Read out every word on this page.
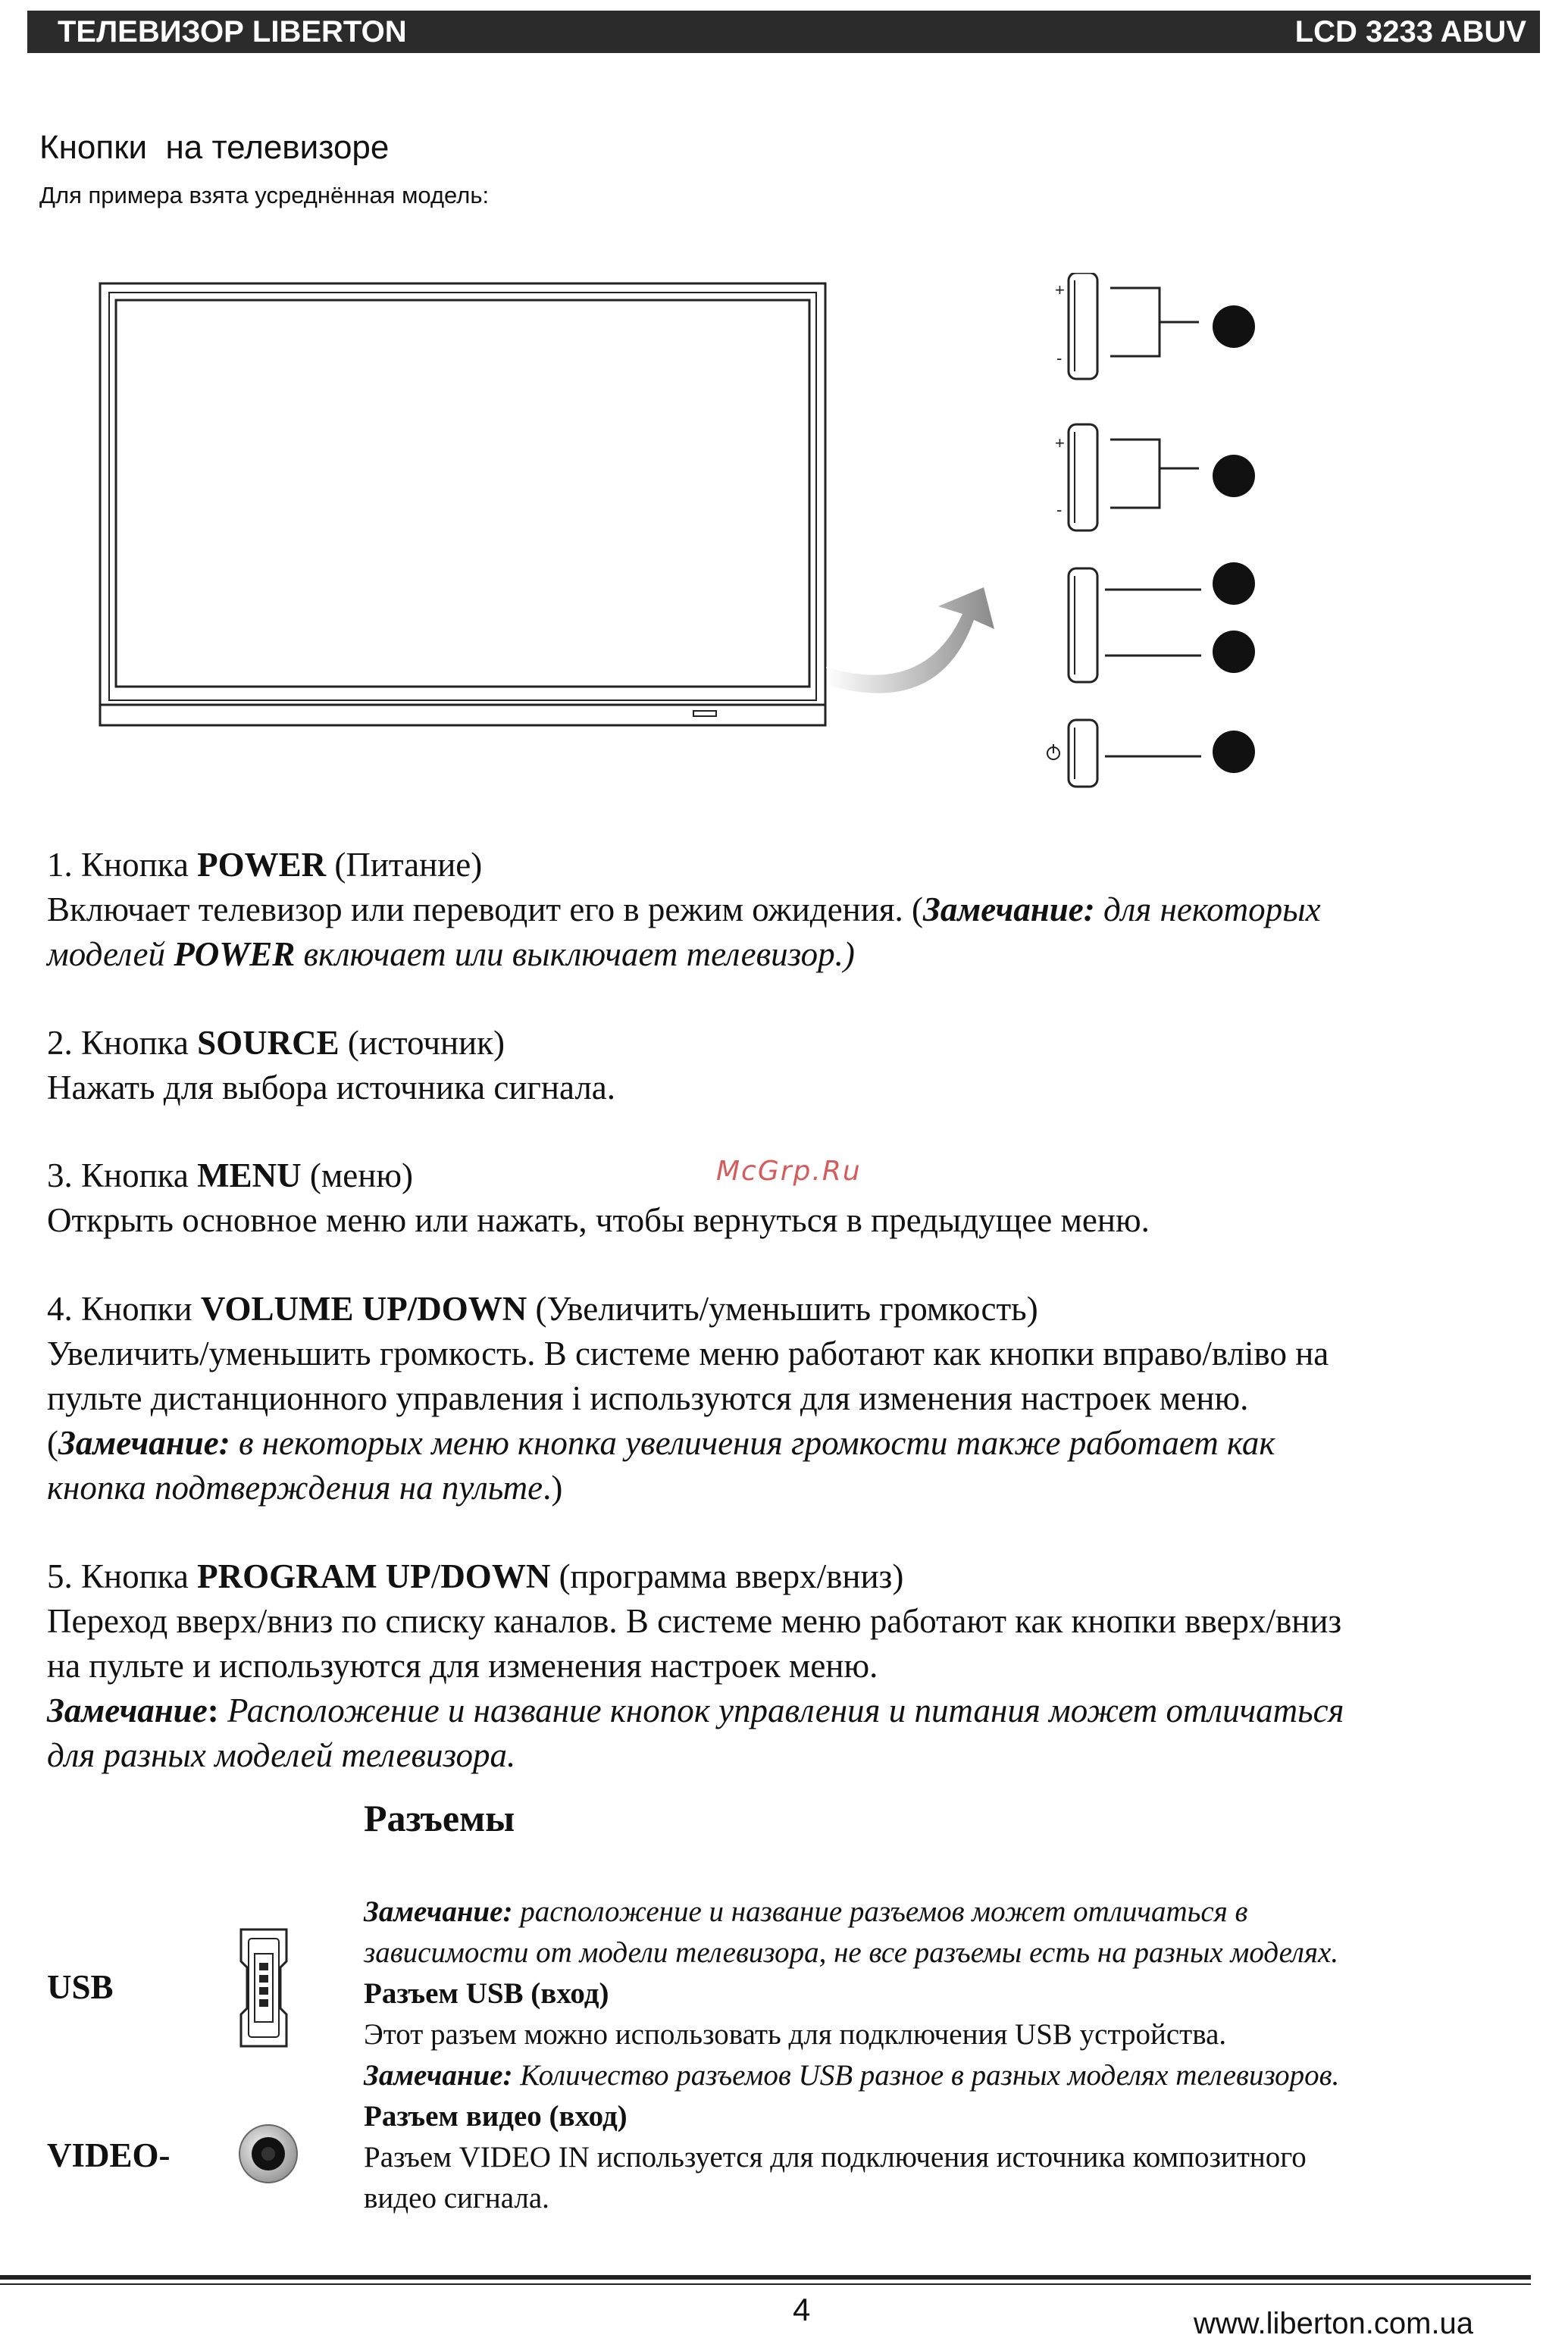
ТЕЛЕВИЗОР LIBERTON	LCD 3233 ABUV
Кнопки  на телевизоре
Для примера взята усреднённая модель:
+
-
+
-

1. Кнопка POWER (Питание)

Включает телевизор или переводит его в режим ожидения. (Замечание: для некоторых

моделей POWER включает или выключает телевизор.)

2. Кнопка SOURCE (источник)

Нажать для выбора источника сигнала.

3. Кнопка MENU (меню)

Открыть основное меню или нажать, чтобы вернуться в предыдущее меню.

4. Кнопки VOLUME UP/DOWN (Увеличить/уменьшить громкость)

Увеличить/уменьшить громкость. В системе меню работают как кнопки вправо/вліво на

пульте дистанционного управления і используются для изменения настроек меню.

(Замечание: в некоторых меню кнопка увеличения громкости также работает как

кнопка подтверждения на пульте.)

5. Кнопка PROGRAM UP/DOWN (программа вверх/вниз)

Переход вверх/вниз по списку каналов. В системе меню работают как кнопки вверх/вниз

на пульте и используются для изменения настроек меню.

Замечание: Расположение и название кнопок управления и питания может отличаться

для разных моделей телевизора.

McGrp.Ru
Разъемы

Замечание: расположение и название разъемов может отличаться в

зависимости от модели телевизора, не все разъемы есть на разных моделях.

Разъем USB (вход)

Этот разъем можно использовать для подключения USB устройства.

Замечание: Количество разъемов USB разное в разных моделях телевизоров.

Разъем видео (вход)

Разъем VIDEO IN используется для подключения источника композитного

видео сигнала.

USB
VIDEO-
4	www.liberton.com.ua
